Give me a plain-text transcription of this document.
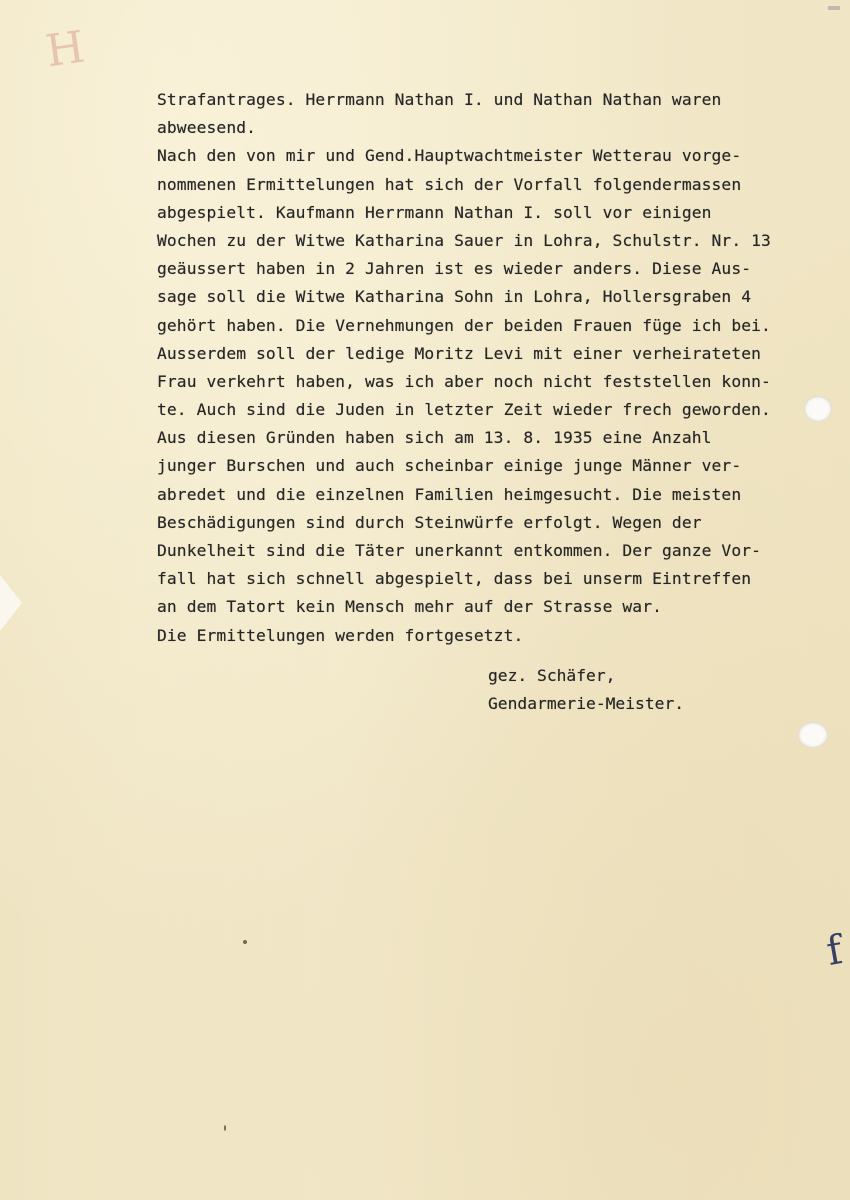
H
Strafantrages. Herrmann Nathan I. und Nathan Nathan waren
abweesend.
Nach den von mir und Gend.Hauptwachtmeister Wetterau vorge-
nommenen Ermittelungen hat sich der Vorfall folgendermassen
abgespielt. Kaufmann Herrmann Nathan I. soll vor einigen
Wochen zu der Witwe Katharina Sauer in Lohra, Schulstr. Nr. 13
geäussert haben in 2 Jahren ist es wieder anders. Diese Aus-
sage soll die Witwe Katharina Sohn in Lohra, Hollersgraben 4
gehört haben. Die Vernehmungen der beiden Frauen füge ich bei.
Ausserdem soll der ledige Moritz Levi mit einer verheirateten
Frau verkehrt haben, was ich aber noch nicht feststellen konn-
te. Auch sind die Juden in letzter Zeit wieder frech geworden.
Aus diesen Gründen haben sich am 13. 8. 1935 eine Anzahl
junger Burschen und auch scheinbar einige junge Männer ver-
abredet und die einzelnen Familien heimgesucht. Die meisten
Beschädigungen sind durch Steinwürfe erfolgt. Wegen der
Dunkelheit sind die Täter unerkannt entkommen. Der ganze Vor-
fall hat sich schnell abgespielt, dass bei unserm Eintreffen
an dem Tatort kein Mensch mehr auf der Strasse war.
Die Ermittelungen werden fortgesetzt.
gez. Schäfer,
Gendarmerie-Meister.
f
